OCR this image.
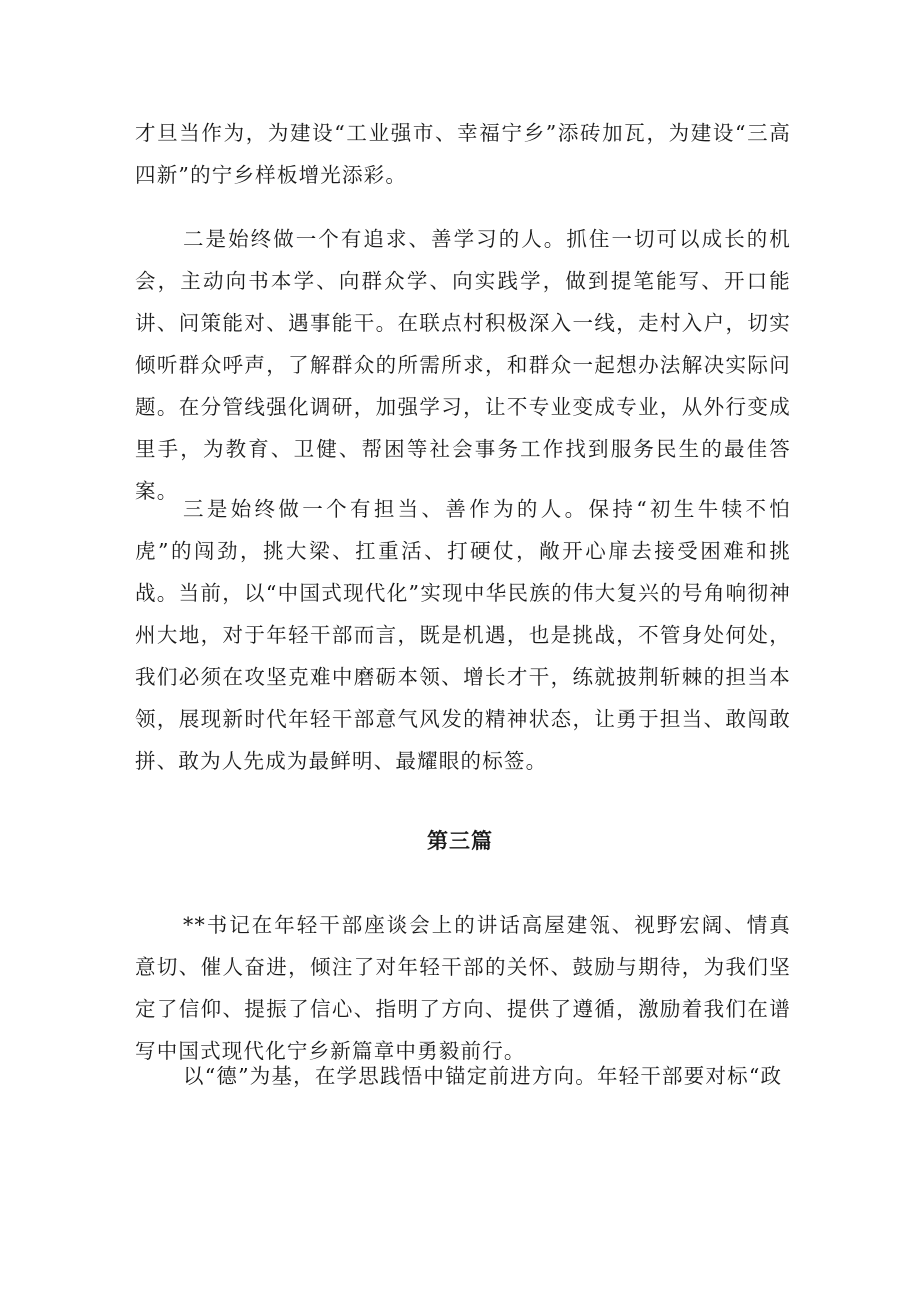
才旦当作为，为建设“工业强市、幸福宁乡”添砖加瓦，为建设“三高四新”的宁乡样板增光添彩。

二是始终做一个有追求、善学习的人。抓住一切可以成长的机会，主动向书本学、向群众学、向实践学，做到提笔能写、开口能讲、问策能对、遇事能干。在联点村积极深入一线，走村入户，切实倾听群众呼声，了解群众的所需所求，和群众一起想办法解决实际问题。在分管线强化调研，加强学习，让不专业变成专业，从外行变成里手，为教育、卫健、帮困等社会事务工作找到服务民生的最佳答案。

三是始终做一个有担当、善作为的人。保持“初生牛犊不怕虎”的闯劲，挑大梁、扛重活、打硬仗，敞开心扉去接受困难和挑战。当前，以“中国式现代化”实现中华民族的伟大复兴的号角响彻神州大地，对于年轻干部而言，既是机遇，也是挑战，不管身处何处，我们必须在攻坚克难中磨砺本领、增长才干，练就披荆斩棘的担当本领，展现新时代年轻干部意气风发的精神状态，让勇于担当、敢闯敢拼、敢为人先成为最鲜明、最耀眼的标签。

第三篇

**书记在年轻干部座谈会上的讲话高屋建瓴、视野宏阔、情真意切、催人奋进，倾注了对年轻干部的关怀、鼓励与期待，为我们坚定了信仰、提振了信心、指明了方向、提供了遵循，激励着我们在谱写中国式现代化宁乡新篇章中勇毅前行。

以“德”为基，在学思践悟中锚定前进方向。年轻干部要对标“政
